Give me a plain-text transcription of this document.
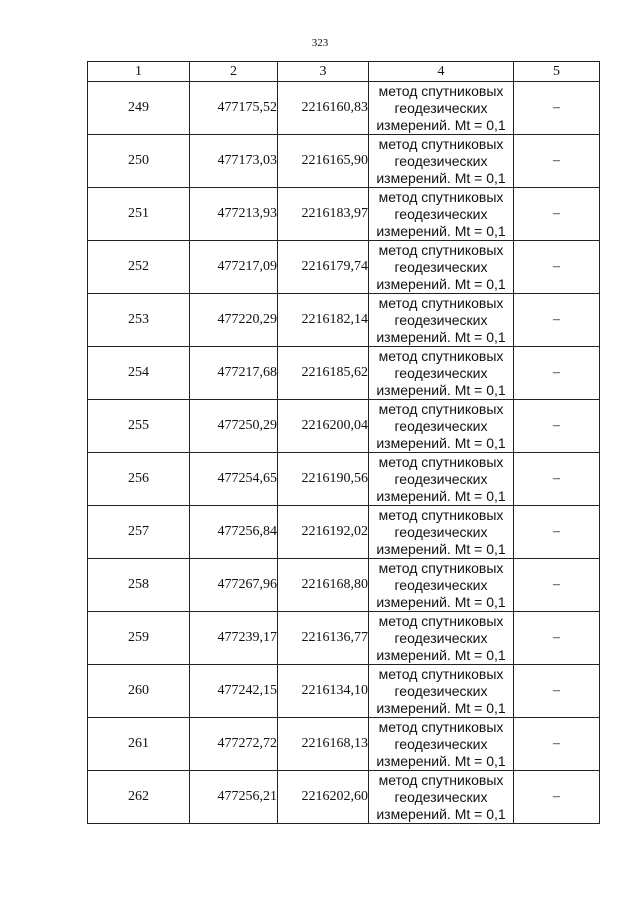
323
1	2	3	4	5
249	477175,52	2216160,83	метод спутниковых
геодезических
измерений. Mt = 0,1	–
250	477173,03	2216165,90	метод спутниковых
геодезических
измерений. Mt = 0,1	–
251	477213,93	2216183,97	метод спутниковых
геодезических
измерений. Mt = 0,1	–
252	477217,09	2216179,74	метод спутниковых
геодезических
измерений. Mt = 0,1	–
253	477220,29	2216182,14	метод спутниковых
геодезических
измерений. Mt = 0,1	–
254	477217,68	2216185,62	метод спутниковых
геодезических
измерений. Mt = 0,1	–
255	477250,29	2216200,04	метод спутниковых
геодезических
измерений. Mt = 0,1	–
256	477254,65	2216190,56	метод спутниковых
геодезических
измерений. Mt = 0,1	–
257	477256,84	2216192,02	метод спутниковых
геодезических
измерений. Mt = 0,1	–
258	477267,96	2216168,80	метод спутниковых
геодезических
измерений. Mt = 0,1	–
259	477239,17	2216136,77	метод спутниковых
геодезических
измерений. Mt = 0,1	–
260	477242,15	2216134,10	метод спутниковых
геодезических
измерений. Mt = 0,1	–
261	477272,72	2216168,13	метод спутниковых
геодезических
измерений. Mt = 0,1	–
262	477256,21	2216202,60	метод спутниковых
геодезических
измерений. Mt = 0,1	–
